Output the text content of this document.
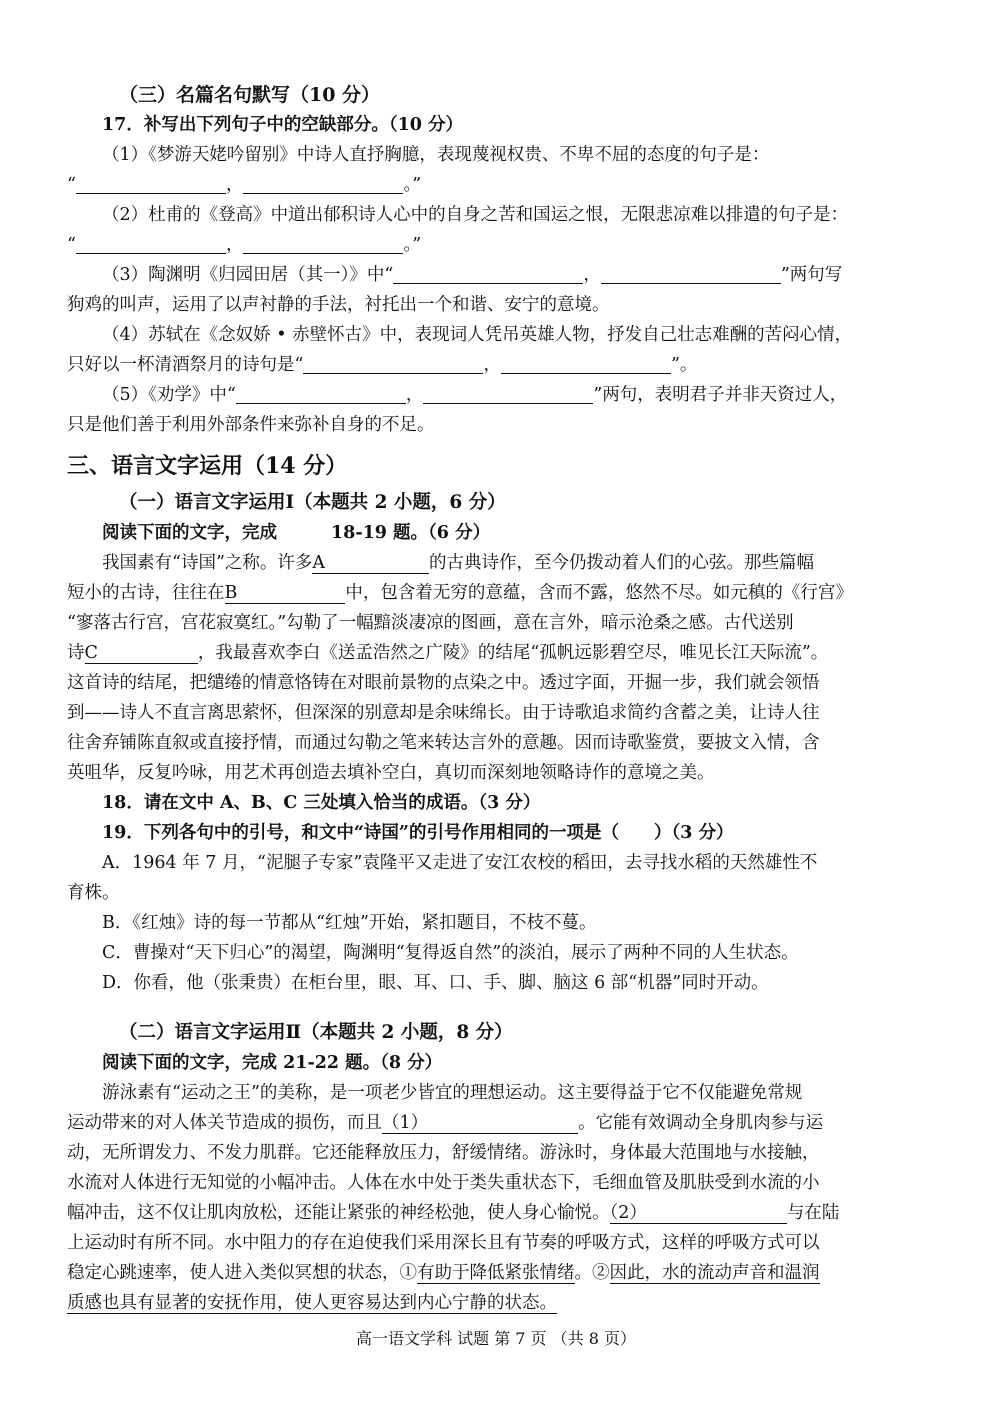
（三）名篇名句默写（10 分）
17．补写出下列句子中的空缺部分。（10 分）
（1）《梦游天姥吟留别》中诗人直抒胸臆，表现蔑视权贵、不卑不屈的态度的句子是：
“	，	。”
（2）杜甫的《登高》中道出郁积诗人心中的自身之苦和国运之恨，无限悲凉难以排遣的句子是：
“	，	。”
（3）陶渊明《归园田居（其一）》中“	，	”两句写
狗鸡的叫声，运用了以声衬静的手法，衬托出一个和谐、安宁的意境。
（4）苏轼在《念奴娇 • 赤壁怀古》中，表现词人凭吊英雄人物，抒发自己壮志难酬的苦闷心情，
只好以一杯清酒祭月的诗句是“	，	”。
（5）《劝学》中“	，	”两句，表明君子并非天资过人，
只是他们善于利用外部条件来弥补自身的不足。
三、语言文字运用（14 分）
（一）语言文字运用Ⅰ（本题共 2 小题，6 分）
阅读下面的文字，完成	18-19 题。（6 分）
我国素有“诗国”之称。许多A	的古典诗作，至今仍拨动着人们的心弦。那些篇幅
短小的古诗，往往在B	中，包含着无穷的意蕴，含而不露，悠然不尽。如元稹的《行宫》
“寥落古行宫，宫花寂寞红。”勾勒了一幅黯淡凄凉的图画，意在言外，暗示沧桑之感。古代送别
诗C	，我最喜欢李白《送孟浩然之广陵》的结尾“孤帆远影碧空尽，唯见长江天际流”。
这首诗的结尾，把缱绻的情意恪铸在对眼前景物的点染之中。透过字面，开掘一步，我们就会领悟
到——诗人不直言离思萦怀，但深深的别意却是余味绵长。由于诗歌追求简约含蓄之美，让诗人往
往舍弃铺陈直叙或直接抒情，而通过勾勒之笔来转达言外的意趣。因而诗歌鉴赏，要披文入情，含
英咀华，反复吟咏，用艺术再创造去填补空白，真切而深刻地领略诗作的意境之美。
18．请在文中 A、B、C 三处填入恰当的成语。（3 分）
19．下列各句中的引号，和文中“诗国”的引号作用相同的一项是（　　）（3 分）
A．1964 年 7 月，“泥腿子专家”袁隆平又走进了安江农校的稻田，去寻找水稻的天然雄性不
育株。
B．《红烛》诗的每一节都从“红烛”开始，紧扣题目，不枝不蔓。
C．曹操对“天下归心”的渴望，陶渊明“复得返自然”的淡泊，展示了两种不同的人生状态。
D．你看，他（张秉贵）在柜台里，眼、耳、口、手、脚、脑这 6 部“机器”同时开动。
（二）语言文字运用Ⅱ（本题共 2 小题，8 分）
阅读下面的文字，完成 21-22 题。（8 分）
游泳素有“运动之王”的美称，是一项老少皆宜的理想运动。这主要得益于它不仅能避免常规
运动带来的对人体关节造成的损伤，而且（1）	。它能有效调动全身肌肉参与运
动，无所谓发力、不发力肌群。它还能释放压力，舒缓情绪。游泳时，身体最大范围地与水接触，
水流对人体进行无知觉的小幅冲击。人体在水中处于类失重状态下，毛细血管及肌肤受到水流的小
幅冲击，这不仅让肌肉放松，还能让紧张的神经松弛，使人身心愉悦。（2）	与在陆
上运动时有所不同。水中阻力的存在迫使我们采用深长且有节奏的呼吸方式，这样的呼吸方式可以
稳定心跳速率，使人进入类似冥想的状态，①有助于降低紧张情绪。②因此，水的流动声音和温润
质感也具有显著的安抚作用，使人更容易达到内心宁静的状态。
高一语文学科 试题 第 7 页 （共 8 页）
